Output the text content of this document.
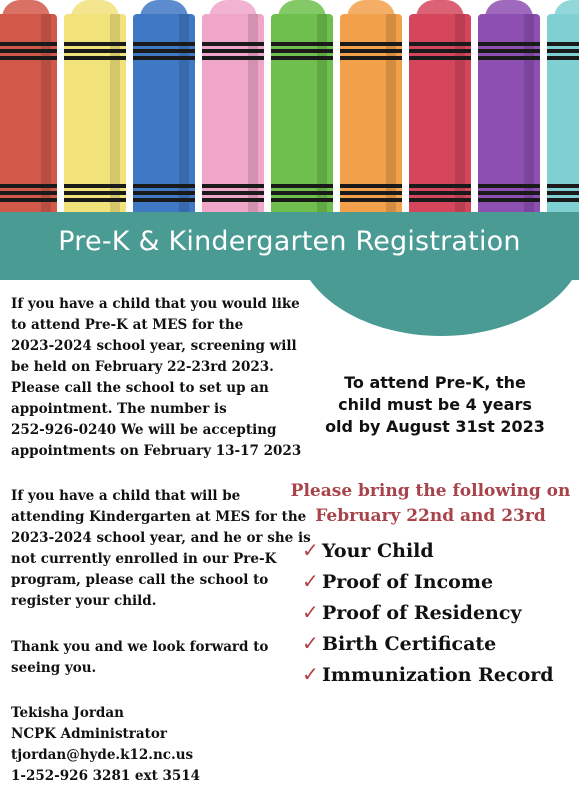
Pre-K & Kindergarten Registration
If you have a child that you would like
to attend Pre-K at MES for the
2023-2024 school year, screening will
be held on February 22-23rd 2023.
Please call the school to set up an
appointment. The number is
252-926-0240 We will be accepting
appointments on February 13-17 2023
If you have a child that will be
attending Kindergarten at MES for the
2023-2024 school year, and he or she is
not currently enrolled in our Pre-K
program, please call the school to
register your child.
Thank you and we look forward to
seeing you.
Tekisha Jordan
NCPK Administrator
tjordan@hyde.k12.nc.us
1-252-926 3281 ext 3514
To attend Pre-K, the
child must be 4 years
old by August 31st 2023
Please bring the following on
February 22nd and 23rd
✓ Your Child
✓ Proof of Income
✓ Proof of Residency
✓ Birth Certificate
✓ Immunization Record
